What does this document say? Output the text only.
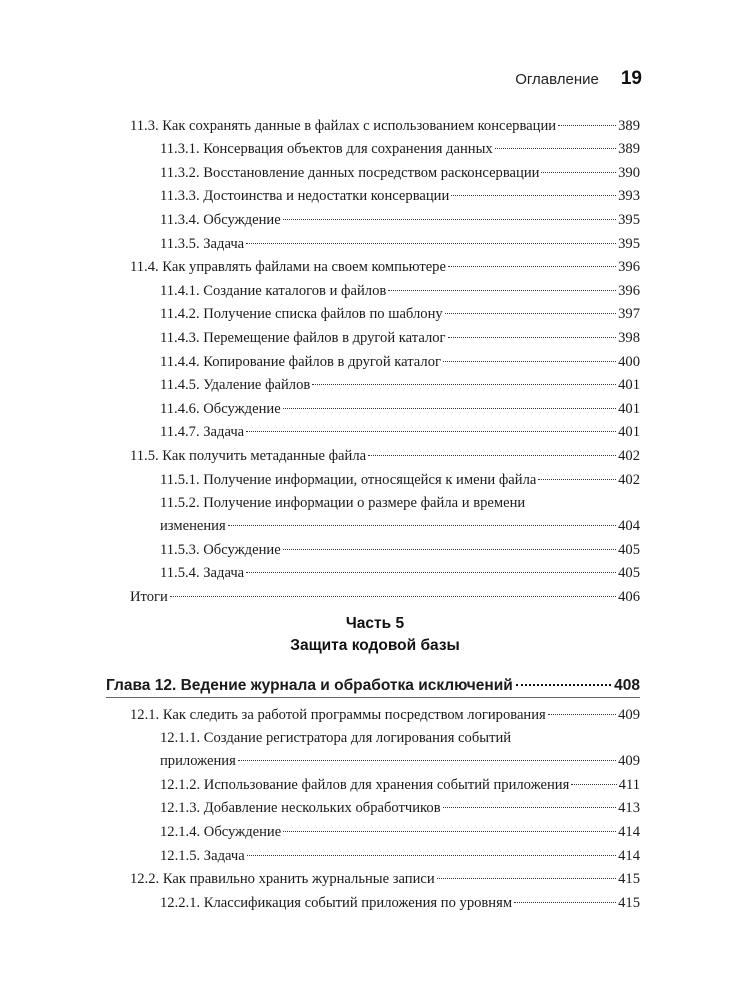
Оглавление 19
11.3. Как сохранять данные в файлах с использованием консервации	389
11.3.1. Консервация объектов для сохранения данных	389
11.3.2. Восстановление данных посредством расконсервации	390
11.3.3. Достоинства и недостатки консервации	393
11.3.4. Обсуждение	395
11.3.5. Задача	395
11.4. Как управлять файлами на своем компьютере	396
11.4.1. Создание каталогов и файлов	396
11.4.2. Получение списка файлов по шаблону	397
11.4.3. Перемещение файлов в другой каталог	398
11.4.4. Копирование файлов в другой каталог	400
11.4.5. Удаление файлов	401
11.4.6. Обсуждение	401
11.4.7. Задача	401
11.5. Как получить метаданные файла	402
11.5.1. Получение информации, относящейся к имени файла	402
11.5.2. Получение информации о размере файла и времени
изменения	404
11.5.3. Обсуждение	405
11.5.4. Задача	405
Итоги	406
Часть 5
Защита кодовой базы
Глава 12. Ведение журнала и обработка исключений	408
12.1. Как следить за работой программы посредством логирования	409
12.1.1. Создание регистратора для логирования событий
приложения	409
12.1.2. Использование файлов для хранения событий приложения	411
12.1.3. Добавление нескольких обработчиков	413
12.1.4. Обсуждение	414
12.1.5. Задача	414
12.2. Как правильно хранить журнальные записи	415
12.2.1. Классификация событий приложения по уровням	415
